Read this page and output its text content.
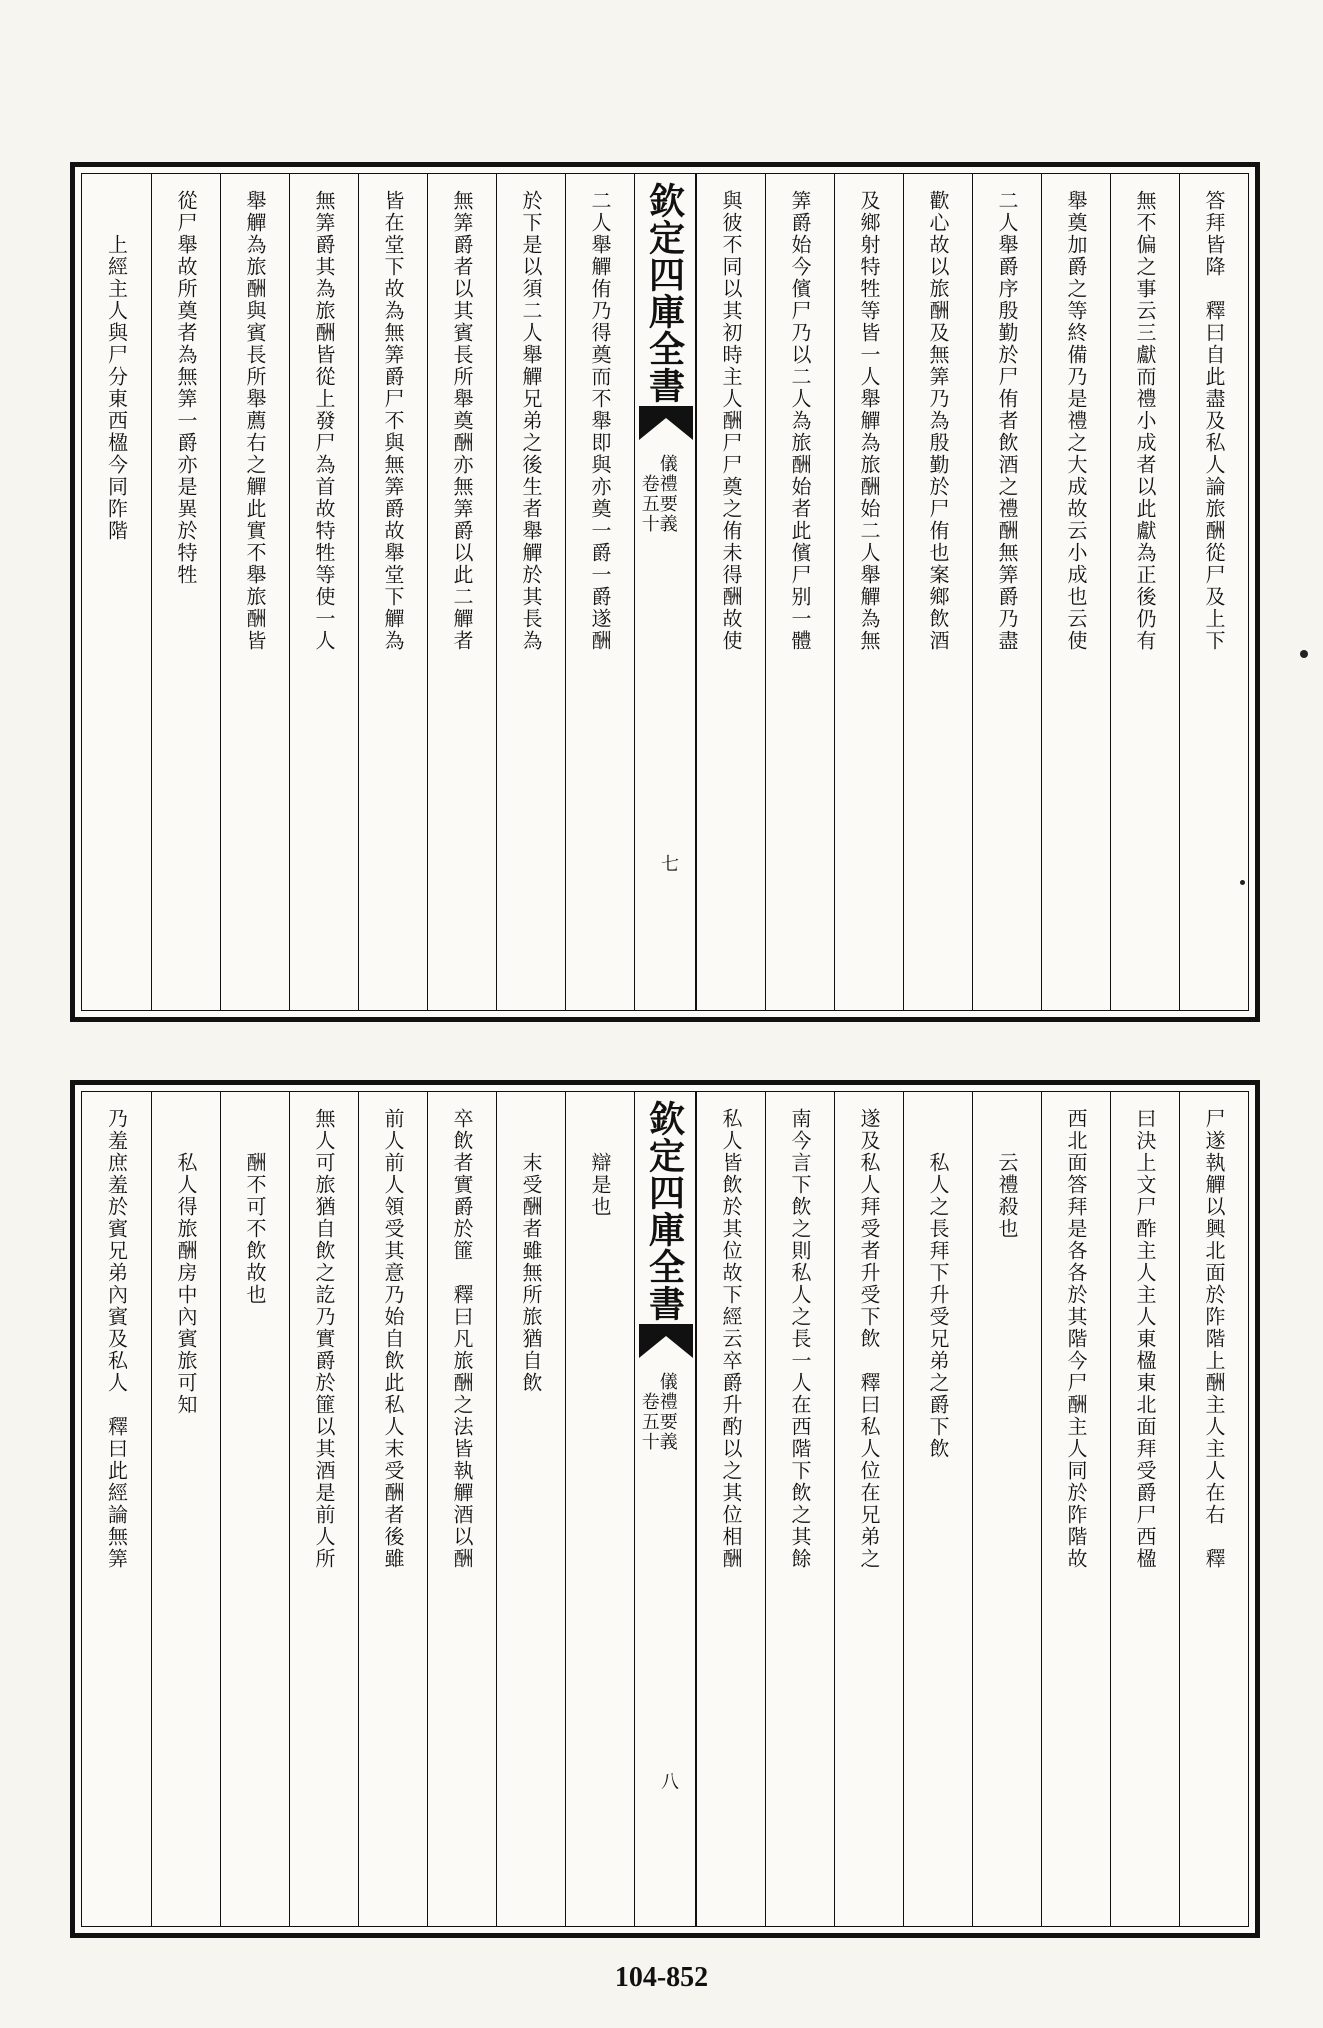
答拜皆降　釋曰自此盡及私人論旅酬從尸及上下
無不偏之事云三獻而禮小成者以此獻為正後仍有
舉奠加爵之等終備乃是禮之大成故云小成也云使
二人舉爵序殷勤於尸侑者飲酒之禮酬無筭爵乃盡
歡心故以旅酬及無筭乃為殷勤於尸侑也案鄉飲酒
及鄉射特牲等皆一人舉觶為旅酬始二人舉觶為無
筭爵始今儐尸乃以二人為旅酬始者此儐尸别一體
與彼不同以其初時主人酬尸尸奠之侑未得酬故使
欽定四庫全書
儀禮要義
卷五十
七
二人舉觶侑乃得奠而不舉即與亦奠一爵一爵遂酬
於下是以須二人舉觶兄弟之後生者舉觶於其長為
無筭爵者以其賓長所舉奠酬亦無筭爵以此二觶者
皆在堂下故為無筭爵尸不與無筭爵故舉堂下觶為
無筭爵其為旅酬皆從上發尸為首故特牲等使一人
舉觶為旅酬與賓長所舉薦右之觶此實不舉旅酬皆
從尸舉故所奠者為無筭一爵亦是異於特牲
上經主人與尸分東西楹今同阼階
尸遂執觶以興北面於阼階上酬主人主人在右　釋
曰決上文尸酢主人主人東楹東北面拜受爵尸西楹
西北面答拜是各各於其階今尸酬主人同於阼階故
云禮殺也
私人之長拜下升受兄弟之爵下飲
遂及私人拜受者升受下飲　釋曰私人位在兄弟之
南今言下飲之則私人之長一人在西階下飲之其餘
私人皆飲於其位故下經云卒爵升酌以之其位相酬
欽定四庫全書
儀禮要義
卷五十
八
辯是也
末受酬者雖無所旅猶自飲
卒飲者實爵於篚　釋曰凡旅酬之法皆執觶酒以酬
前人前人領受其意乃始自飲此私人末受酬者後雖
無人可旅猶自飲之訖乃實爵於篚以其酒是前人所
酬不可不飲故也
私人得旅酬房中內賓旅可知
乃羞庶羞於賓兄弟內賓及私人　釋曰此經論無筭
104-852
